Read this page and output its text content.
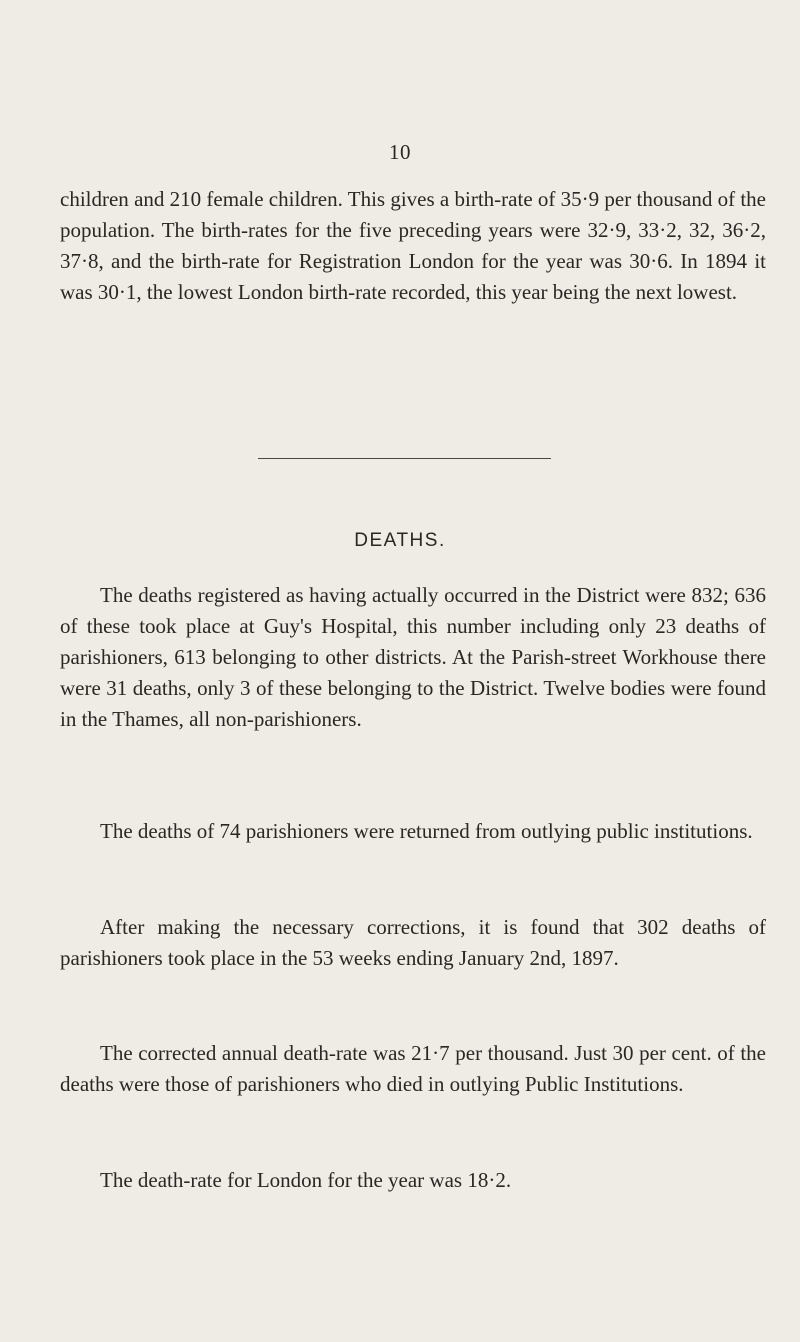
10

children and 210 female children. This gives a birth-rate of 35·9 per thousand of the population. The birth-rates for the five preceding years were 32·9, 33·2, 32, 36·2, 37·8, and the birth-rate for Registration London for the year was 30·6. In 1894 it was 30·1, the lowest London birth-rate recorded, this year being the next lowest.

DEATHS.

The deaths registered as having actually occurred in the District were 832; 636 of these took place at Guy's Hospital, this number including only 23 deaths of parishioners, 613 belonging to other districts. At the Parish-street Workhouse there were 31 deaths, only 3 of these belonging to the District. Twelve bodies were found in the Thames, all non-parishioners.

The deaths of 74 parishioners were returned from outlying public institutions.

After making the necessary corrections, it is found that 302 deaths of parishioners took place in the 53 weeks ending January 2nd, 1897.

The corrected annual death-rate was 21·7 per thousand. Just 30 per cent. of the deaths were those of parishioners who died in outlying Public Institutions.

The death-rate for London for the year was 18·2.
